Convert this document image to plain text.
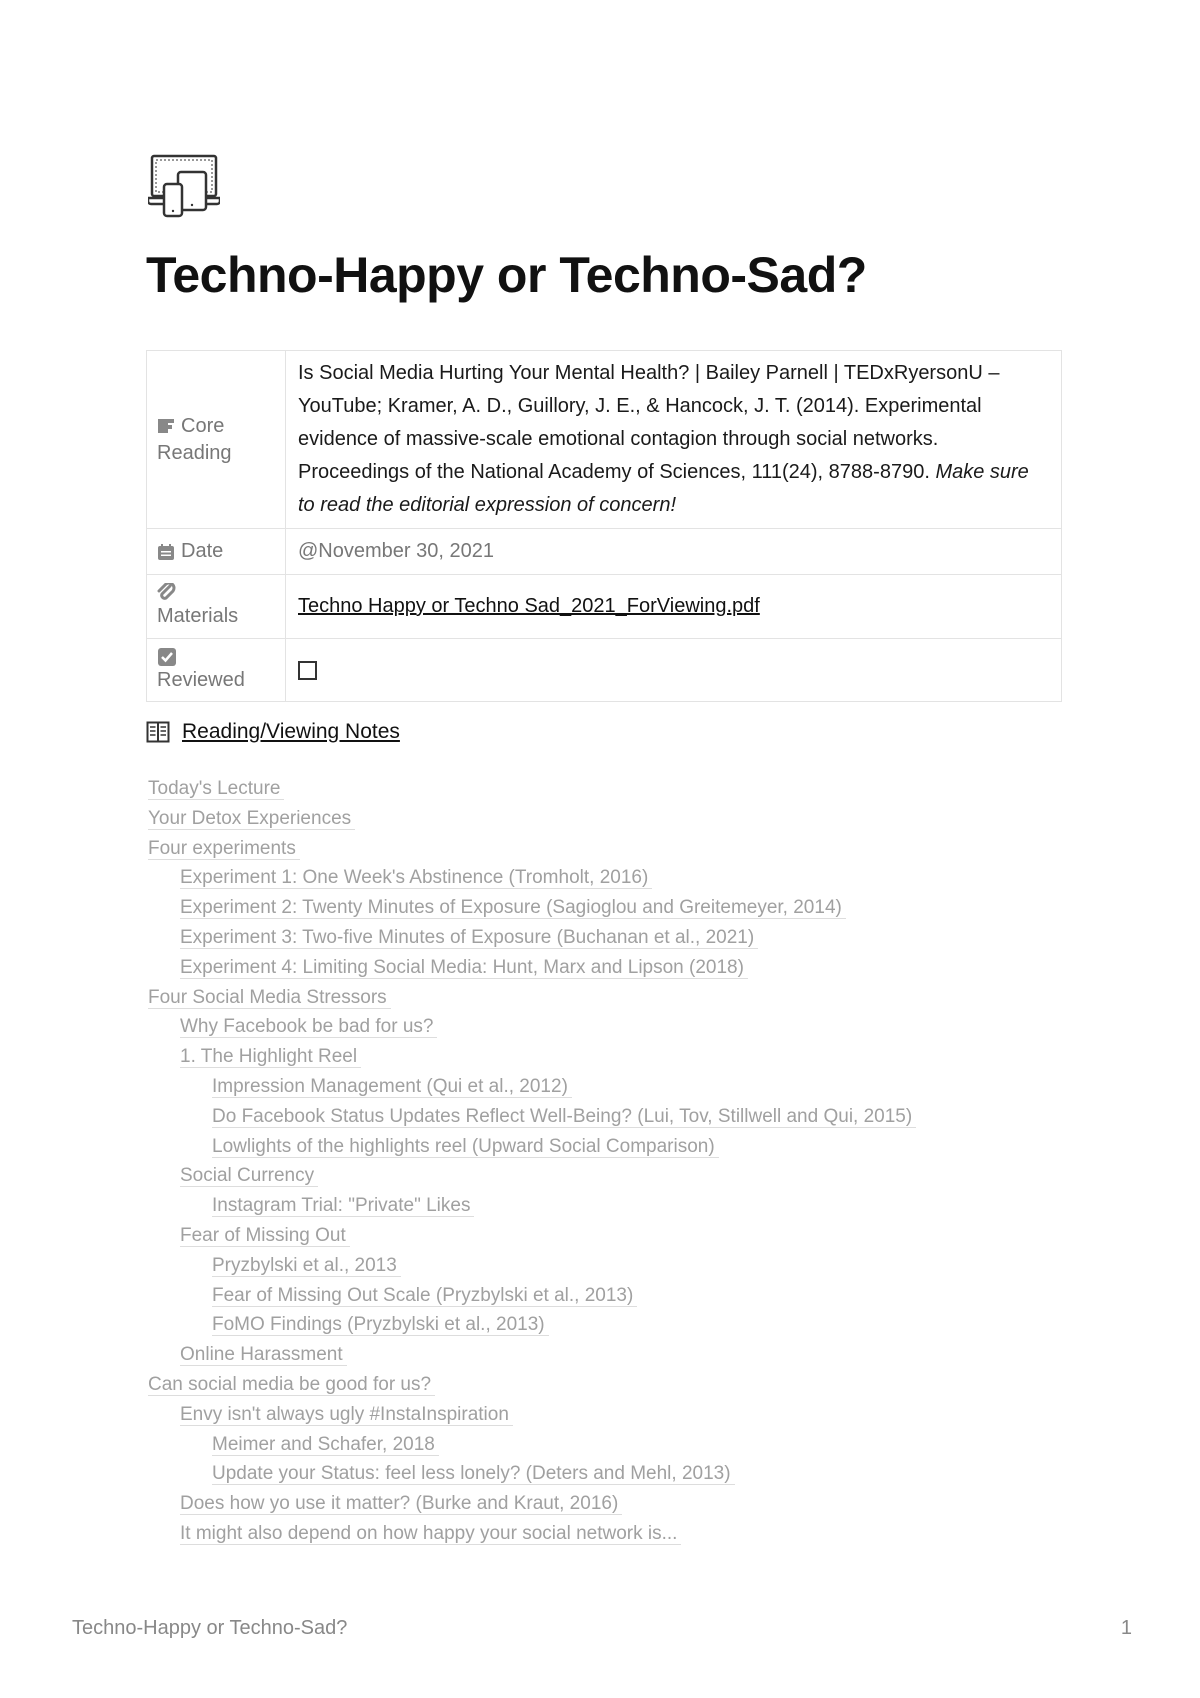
Techno-Happy or Techno-Sad?
Core Reading	Is Social Media Hurting Your Mental Health? | Bailey Parnell | TEDxRyersonU – YouTube; Kramer, A. D., Guillory, J. E., & Hancock, J. T. (2014). Experimental evidence of massive-scale emotional contagion through social networks. Proceedings of the National Academy of Sciences, 111(24), 8788-8790. Make sure to read the editorial expression of concern!
Date	@November 30, 2021

Materials	Techno Happy or Techno Sad_2021_ForViewing.pdf

Reviewed	
Reading/Viewing Notes
Today's Lecture
Your Detox Experiences
Four experiments
Experiment 1: One Week's Abstinence (Tromholt, 2016)
Experiment 2: Twenty Minutes of Exposure (Sagioglou and Greitemeyer, 2014)
Experiment 3: Two-five Minutes of Exposure (Buchanan et al., 2021)
Experiment 4: Limiting Social Media: Hunt, Marx and Lipson (2018)
Four Social Media Stressors
Why Facebook be bad for us?
1. The Highlight Reel
Impression Management (Qui et al., 2012)
Do Facebook Status Updates Reflect Well-Being? (Lui, Tov, Stillwell and Qui, 2015)
Lowlights of the highlights reel (Upward Social Comparison)
Social Currency
Instagram Trial: "Private" Likes
Fear of Missing Out
Pryzbylski et al., 2013
Fear of Missing Out Scale (Pryzbylski et al., 2013)
FoMO Findings (Pryzbylski et al., 2013)
Online Harassment
Can social media be good for us?
Envy isn't always ugly #InstaInspiration
Meimer and Schafer, 2018
Update your Status: feel less lonely? (Deters and Mehl, 2013)
Does how yo use it matter? (Burke and Kraut, 2016)
It might also depend on how happy your social network is...
Techno-Happy or Techno-Sad?	1
